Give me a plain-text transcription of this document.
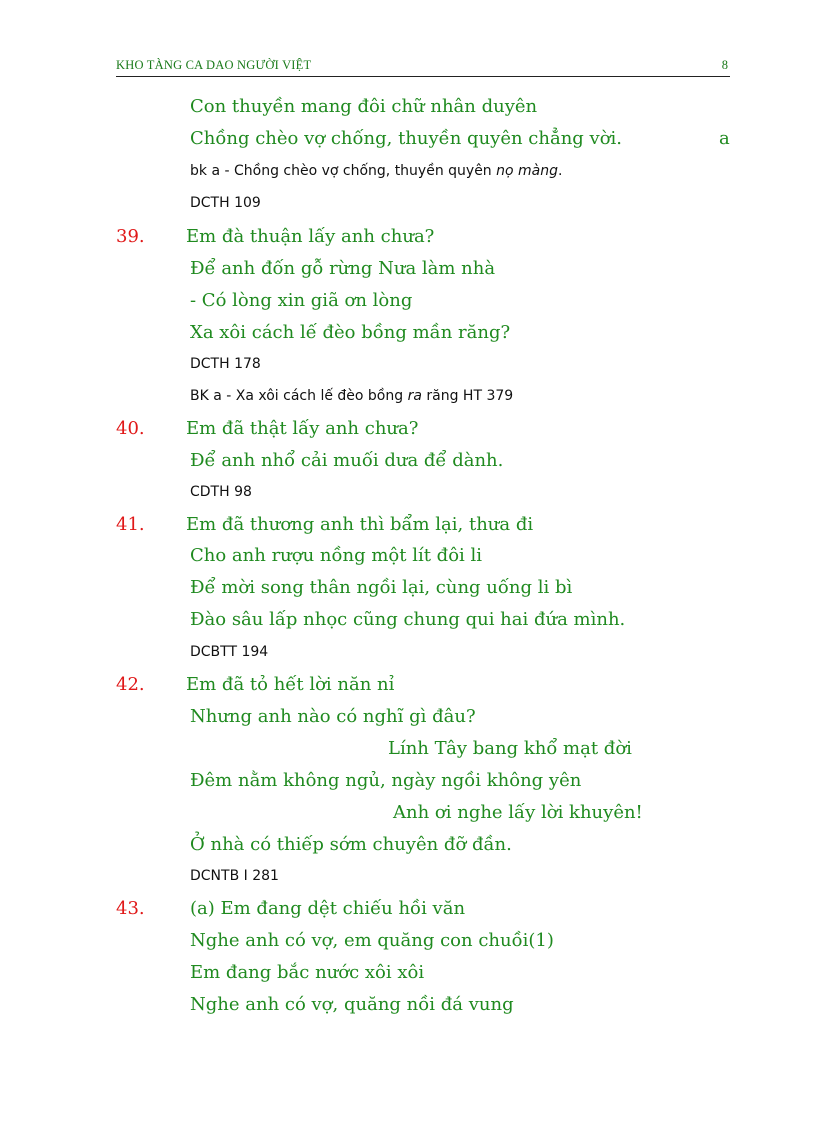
KHO TÀNG CA DAO NGƯỜI VIỆT	8
Con thuyền mang đôi chữ nhân duyên
Chồng chèo vợ chống, thuyền quyên chẳng vời.	a
bk a - Chồng chèo vợ chống, thuyền quyên nọ màng.
DCTH 109
39. Em đà thuận lấy anh chưa?
Để anh đốn gỗ rừng Nưa làm nhà
- Có lòng xin giã ơn lòng
Xa xôi cách lế đèo bồng mần răng?
DCTH 178
BK a - Xa xôi cách lế đèo bồng ra răng HT 379
40. Em đã thật lấy anh chưa?
Để anh nhổ cải muối dưa để dành.
CDTH 98
41. Em đã thương anh thì bẩm lại, thưa đi
Cho anh rượu nồng một lít đôi li
Để mời song thân ngồi lại, cùng uống li bì
Đào sâu lấp nhọc cũng chung qui hai đứa mình.
DCBTT 194
42. Em đã tỏ hết lời năn nỉ
Nhưng anh nào có nghĩ gì đâu?
Lính Tây bang khổ mạt đời
Đêm nằm không ngủ, ngày ngồi không yên
Anh ơi nghe lấy lời khuyên!
Ở nhà có thiếp sớm chuyên đỡ đần.
DCNTB I 281
43.	(a) Em đang dệt chiếu hồi văn
Nghe anh có vợ, em quăng con chuồi(1)
Em đang bắc nước xôi xôi
Nghe anh có vợ, quăng nồi đá vung
